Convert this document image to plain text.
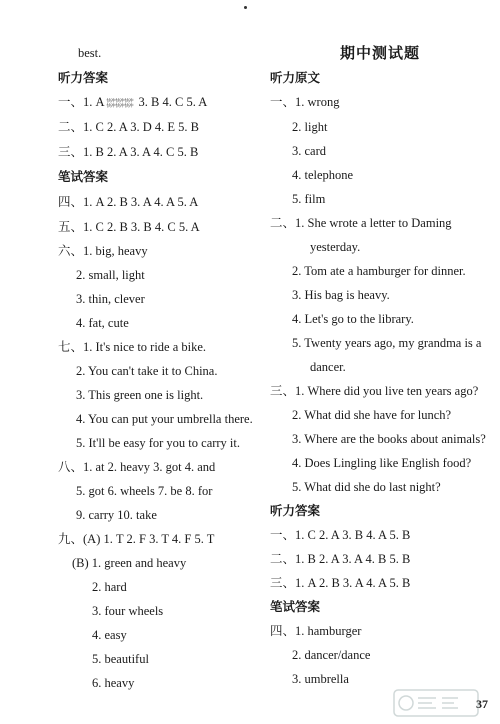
best.
听力答案
一、1. A 快冲快冲快冲 快冲快冲快冲 3. B 4. C 5. A
二、1. C 2. A 3. D 4. E 5. B
三、1. B 2. A 3. A 4. C 5. B
笔试答案
四、1. A 2. B 3. A 4. A 5. A
五、1. C 2. B 3. B 4. C 5. A
六、1. big, heavy
2. small, light
3. thin, clever
4. fat, cute
七、1. It's nice to ride a bike.
2. You can't take it to China.
3. This green one is light.
4. You can put your umbrella there.
5. It'll be easy for you to carry it.
八、1. at 2. heavy 3. got 4. and
5. got 6. wheels 7. be 8. for
9. carry 10. take
九、(A) 1. T 2. F 3. T 4. F 5. T
(B) 1. green and heavy
2. hard
3. four wheels
4. easy
5. beautiful
6. heavy
期中测试题
听力原文
一、1. wrong
2. light
3. card
4. telephone
5. film
二、1. She wrote a letter to Daming
yesterday.
2. Tom ate a hamburger for dinner.
3. His bag is heavy.
4. Let's go to the library.
5. Twenty years ago, my grandma is a
dancer.
三、1. Where did you live ten years ago?
2. What did she have for lunch?
3. Where are the books about animals?
4. Does Lingling like English food?
5. What did she do last night?
听力答案
一、1. C 2. A 3. B 4. A 5. B
二、1. B 2. A 3. A 4. B 5. B
三、1. A 2. B 3. A 4. A 5. B
笔试答案
四、1. hamburger
2. dancer/dance
3. umbrella
37
